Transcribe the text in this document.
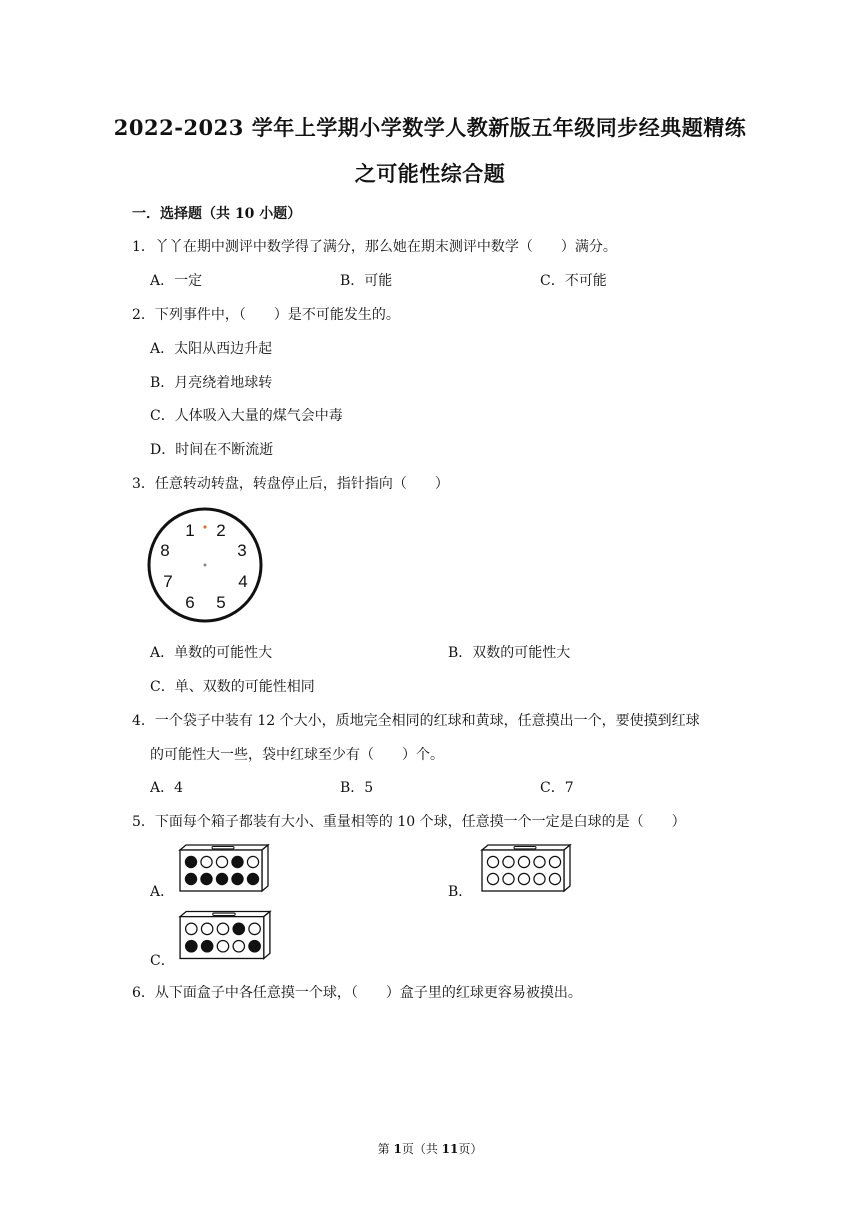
2022-2023 学年上学期小学数学人教新版五年级同步经典题精练
之可能性综合题
一．选择题（共 10 小题）
1．丫丫在期中测评中数学得了满分，那么她在期末测评中数学（　　）满分。
A．一定	B．可能	C．不可能
2．下列事件中，（　　）是不可能发生的。
A．太阳从西边升起
B．月亮绕着地球转
C．人体吸入大量的煤气会中毒
D．时间在不断流逝
3．任意转动转盘，转盘停止后，指针指向（　　）
1 2
3
4
5
6
7
8
A．单数的可能性大	B．双数的可能性大
C．单、双数的可能性相同
4．一个袋子中装有 12 个大小，质地完全相同的红球和黄球，任意摸出一个，要使摸到红球
的可能性大一些，袋中红球至少有（　　）个。
A．4	B．5	C．7
5．下面每个箱子都装有大小、重量相等的 10 个球，任意摸一个一定是白球的是（　　）
A．	B．
C．
6．从下面盒子中各任意摸一个球，（　　）盒子里的红球更容易被摸出。
第 1页（共 11页）
